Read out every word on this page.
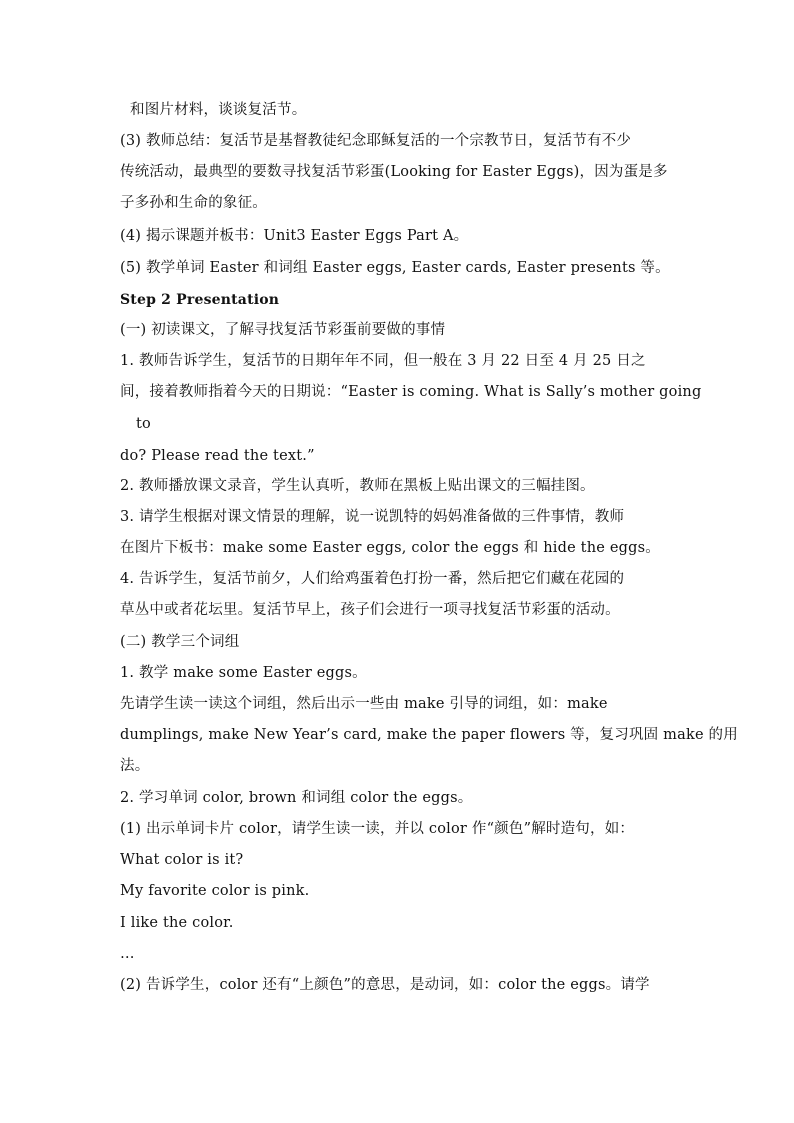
和图片材料，谈谈复活节。
(3) 教师总结：复活节是基督教徒纪念耶稣复活的一个宗教节日，复活节有不少
传统活动，最典型的要数寻找复活节彩蛋(Looking for Easter Eggs)，因为蛋是多
子多孙和生命的象征。
(4) 揭示课题并板书：Unit3 Easter Eggs Part A。
(5) 教学单词 Easter 和词组 Easter eggs, Easter cards, Easter presents 等。
Step 2 Presentation
(一) 初读课文，了解寻找复活节彩蛋前要做的事情
1. 教师告诉学生，复活节的日期年年不同，但一般在 3 月 22 日至 4 月 25 日之
间，接着教师指着今天的日期说：“Easter is coming. What is Sally’s mother going
to
do? Please read the text.”
2. 教师播放课文录音，学生认真听，教师在黑板上贴出课文的三幅挂图。
3. 请学生根据对课文情景的理解，说一说凯特的妈妈准备做的三件事情，教师
在图片下板书：make some Easter eggs, color the eggs 和 hide the eggs。
4. 告诉学生，复活节前夕，人们给鸡蛋着色打扮一番，然后把它们藏在花园的
草丛中或者花坛里。复活节早上，孩子们会进行一项寻找复活节彩蛋的活动。
(二) 教学三个词组
1. 教学 make some Easter eggs。
先请学生读一读这个词组，然后出示一些由 make 引导的词组，如：make
dumplings, make New Year’s card, make the paper flowers 等，复习巩固 make 的用
法。
2. 学习单词 color, brown 和词组 color the eggs。
(1) 出示单词卡片 color，请学生读一读，并以 color 作“颜色”解时造句，如：
What color is it?
My favorite color is pink.
I like the color.
…
(2) 告诉学生，color 还有“上颜色”的意思，是动词，如：color the eggs。请学
